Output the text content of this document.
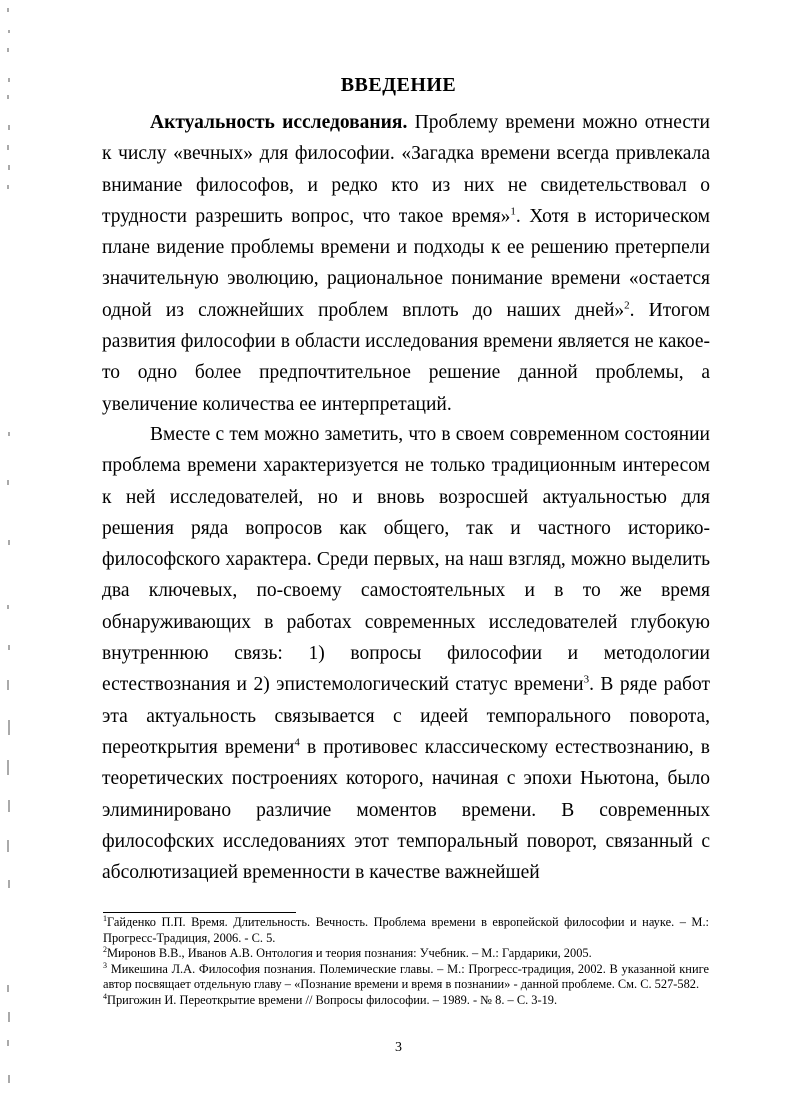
ВВЕДЕНИЕ

Актуальность исследования. Проблему времени можно отнести к числу «вечных» для философии. «Загадка времени всегда привлекала внимание философов, и редко кто из них не свидетельствовал о трудности разрешить вопрос, что такое время»$^1$. Хотя в историческом плане видение проблемы времени и подходы к ее решению претерпели значительную эволюцию, рациональное понимание времени «остается одной из сложнейших проблем вплоть до наших дней»$^2$. Итогом развития философии в области исследования времени является не какое-то одно более предпочтительное решение данной проблемы, а увеличение количества ее интерпретаций.

Вместе с тем можно заметить, что в своем современном состоянии проблема времени характеризуется не только традиционным интересом к ней исследователей, но и вновь возросшей актуальностью для решения ряда вопросов как общего, так и частного историко-философского характера. Среди первых, на наш взгляд, можно выделить два ключевых, по-своему самостоятельных и в то же время обнаруживающих в работах современных исследователей глубокую внутреннюю связь: 1) вопросы философии и методологии естествознания и 2) эпистемологический статус времени$^3$. В ряде работ эта актуальность связывается с идеей темпорального поворота, переоткрытия времени$^4$ в противовес классическому естествознанию, в теоретических построениях которого, начиная с эпохи Ньютона, было элиминировано различие моментов времени. В современных философских исследованиях этот темпоральный поворот, связанный с абсолютизацией временности в качестве важнейшей

$^1$Гайденко П.П. Время. Длительность. Вечность. Проблема времени в европейской философии и науке. – М.: Прогресс-Традиция, 2006. - С. 5.

$^2$Миронов В.В., Иванов А.В. Онтология и теория познания: Учебник. – М.: Гардарики, 2005.

$^3$ Микешина Л.А. Философия познания. Полемические главы. – М.: Прогресс-традиция, 2002. В указанной книге автор посвящает отдельную главу – «Познание времени и время в познании» - данной проблеме. См. С. 527-582.

$^4$Пригожин И. Переоткрытие времени // Вопросы философии. – 1989. - № 8. – С. 3-19.

3
